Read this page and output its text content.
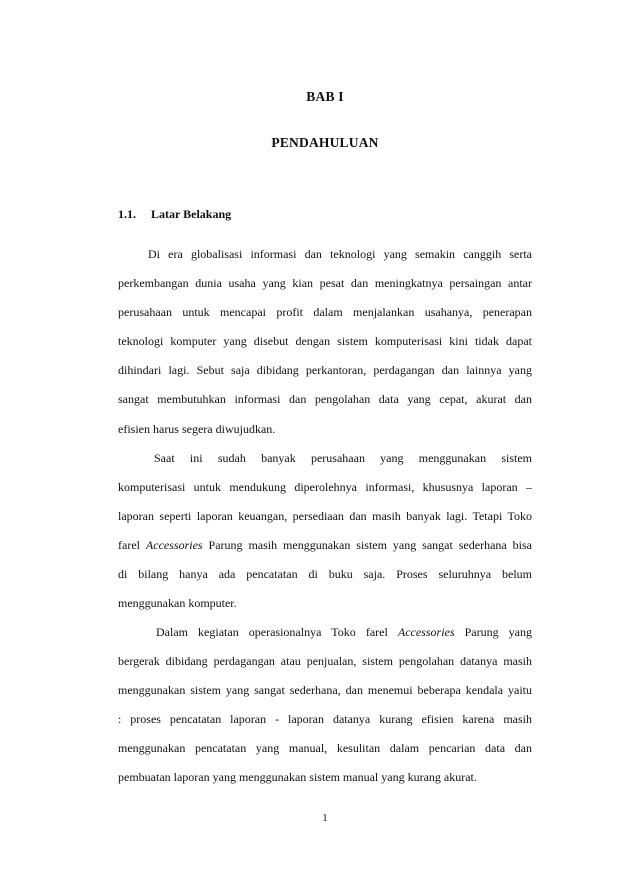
BAB I
PENDAHULUAN
1.1. Latar Belakang
Di era globalisasi informasi dan teknologi yang semakin canggih serta
perkembangan dunia usaha yang kian pesat dan meningkatnya persaingan antar
perusahaan untuk mencapai profit dalam menjalankan usahanya, penerapan
teknologi komputer yang disebut dengan sistem komputerisasi kini tidak dapat
dihindari lagi. Sebut saja dibidang perkantoran, perdagangan dan lainnya yang
sangat membutuhkan informasi dan pengolahan data yang cepat, akurat dan
efisien harus segera diwujudkan.
Saat ini sudah banyak perusahaan yang menggunakan sistem
komputerisasi untuk mendukung diperolehnya informasi, khususnya laporan –
laporan seperti laporan keuangan, persediaan dan masih banyak lagi. Tetapi Toko
farel Accessories Parung masih menggunakan sistem yang sangat sederhana bisa
di bilang hanya ada pencatatan di buku saja. Proses seluruhnya belum
menggunakan komputer.
Dalam kegiatan operasionalnya Toko farel Accessories Parung yang
bergerak dibidang perdagangan atau penjualan, sistem pengolahan datanya masih
menggunakan sistem yang sangat sederhana, dan menemui beberapa kendala yaitu
: proses pencatatan laporan - laporan datanya kurang efisien karena masih
menggunakan pencatatan yang manual, kesulitan dalam pencarian data dan
pembuatan laporan yang menggunakan sistem manual yang kurang akurat.
1
